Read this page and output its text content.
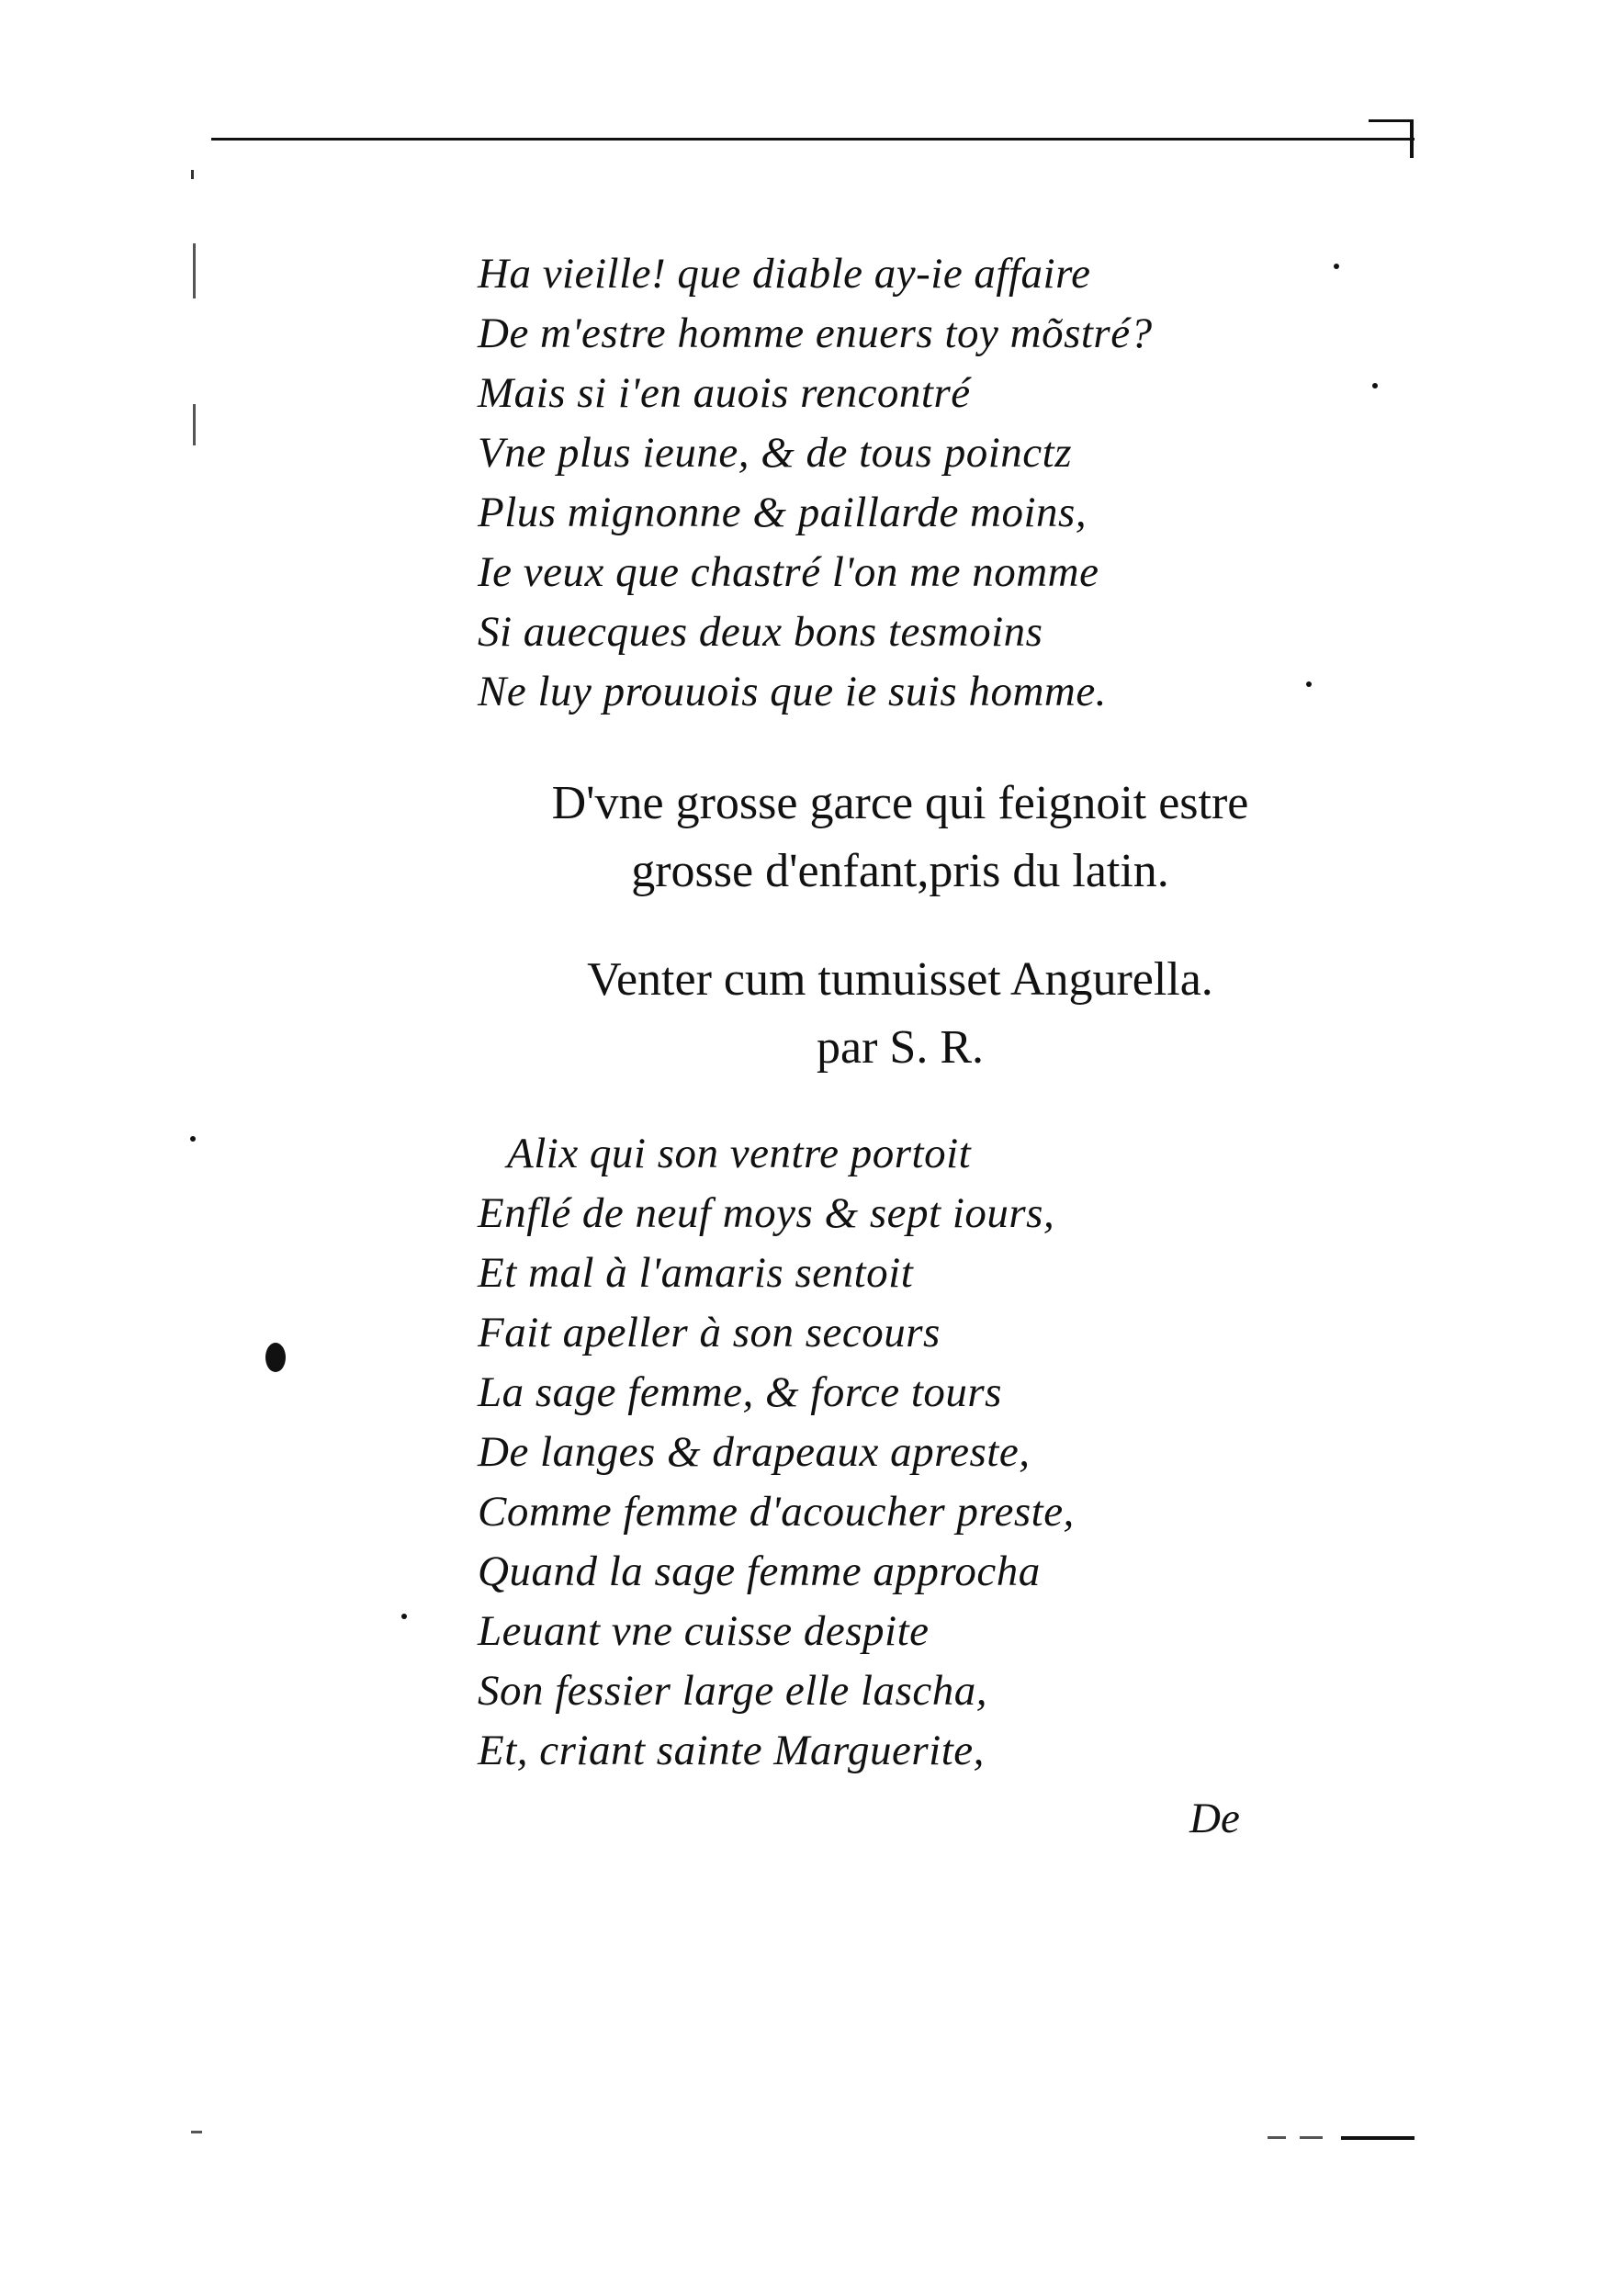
Ha vieille! que diable ay-ie affaire
De m'estre homme enuers toy mõstré?
Mais si i'en auois rencontré
Vne plus ieune, & de tous poinctz
Plus mignonne & paillarde moins,
Ie veux que chastré l'on me nomme
Si auecques deux bons tesmoins
Ne luy prouuois que ie suis homme.
D'vne grosse garce qui feignoit estre
grosse d'enfant,pris du latin.
Venter cum tumuisset Angurella.
par S. R.
Alix qui son ventre portoit
Enflé de neuf moys & sept iours,
Et mal à l'amaris sentoit
Fait apeller à son secours
La sage femme, & force tours
De langes & drapeaux apreste,
Comme femme d'acoucher preste,
Quand la sage femme approcha
Leuant vne cuisse despite
Son fessier large elle lascha,
Et, criant sainte Marguerite,
De
